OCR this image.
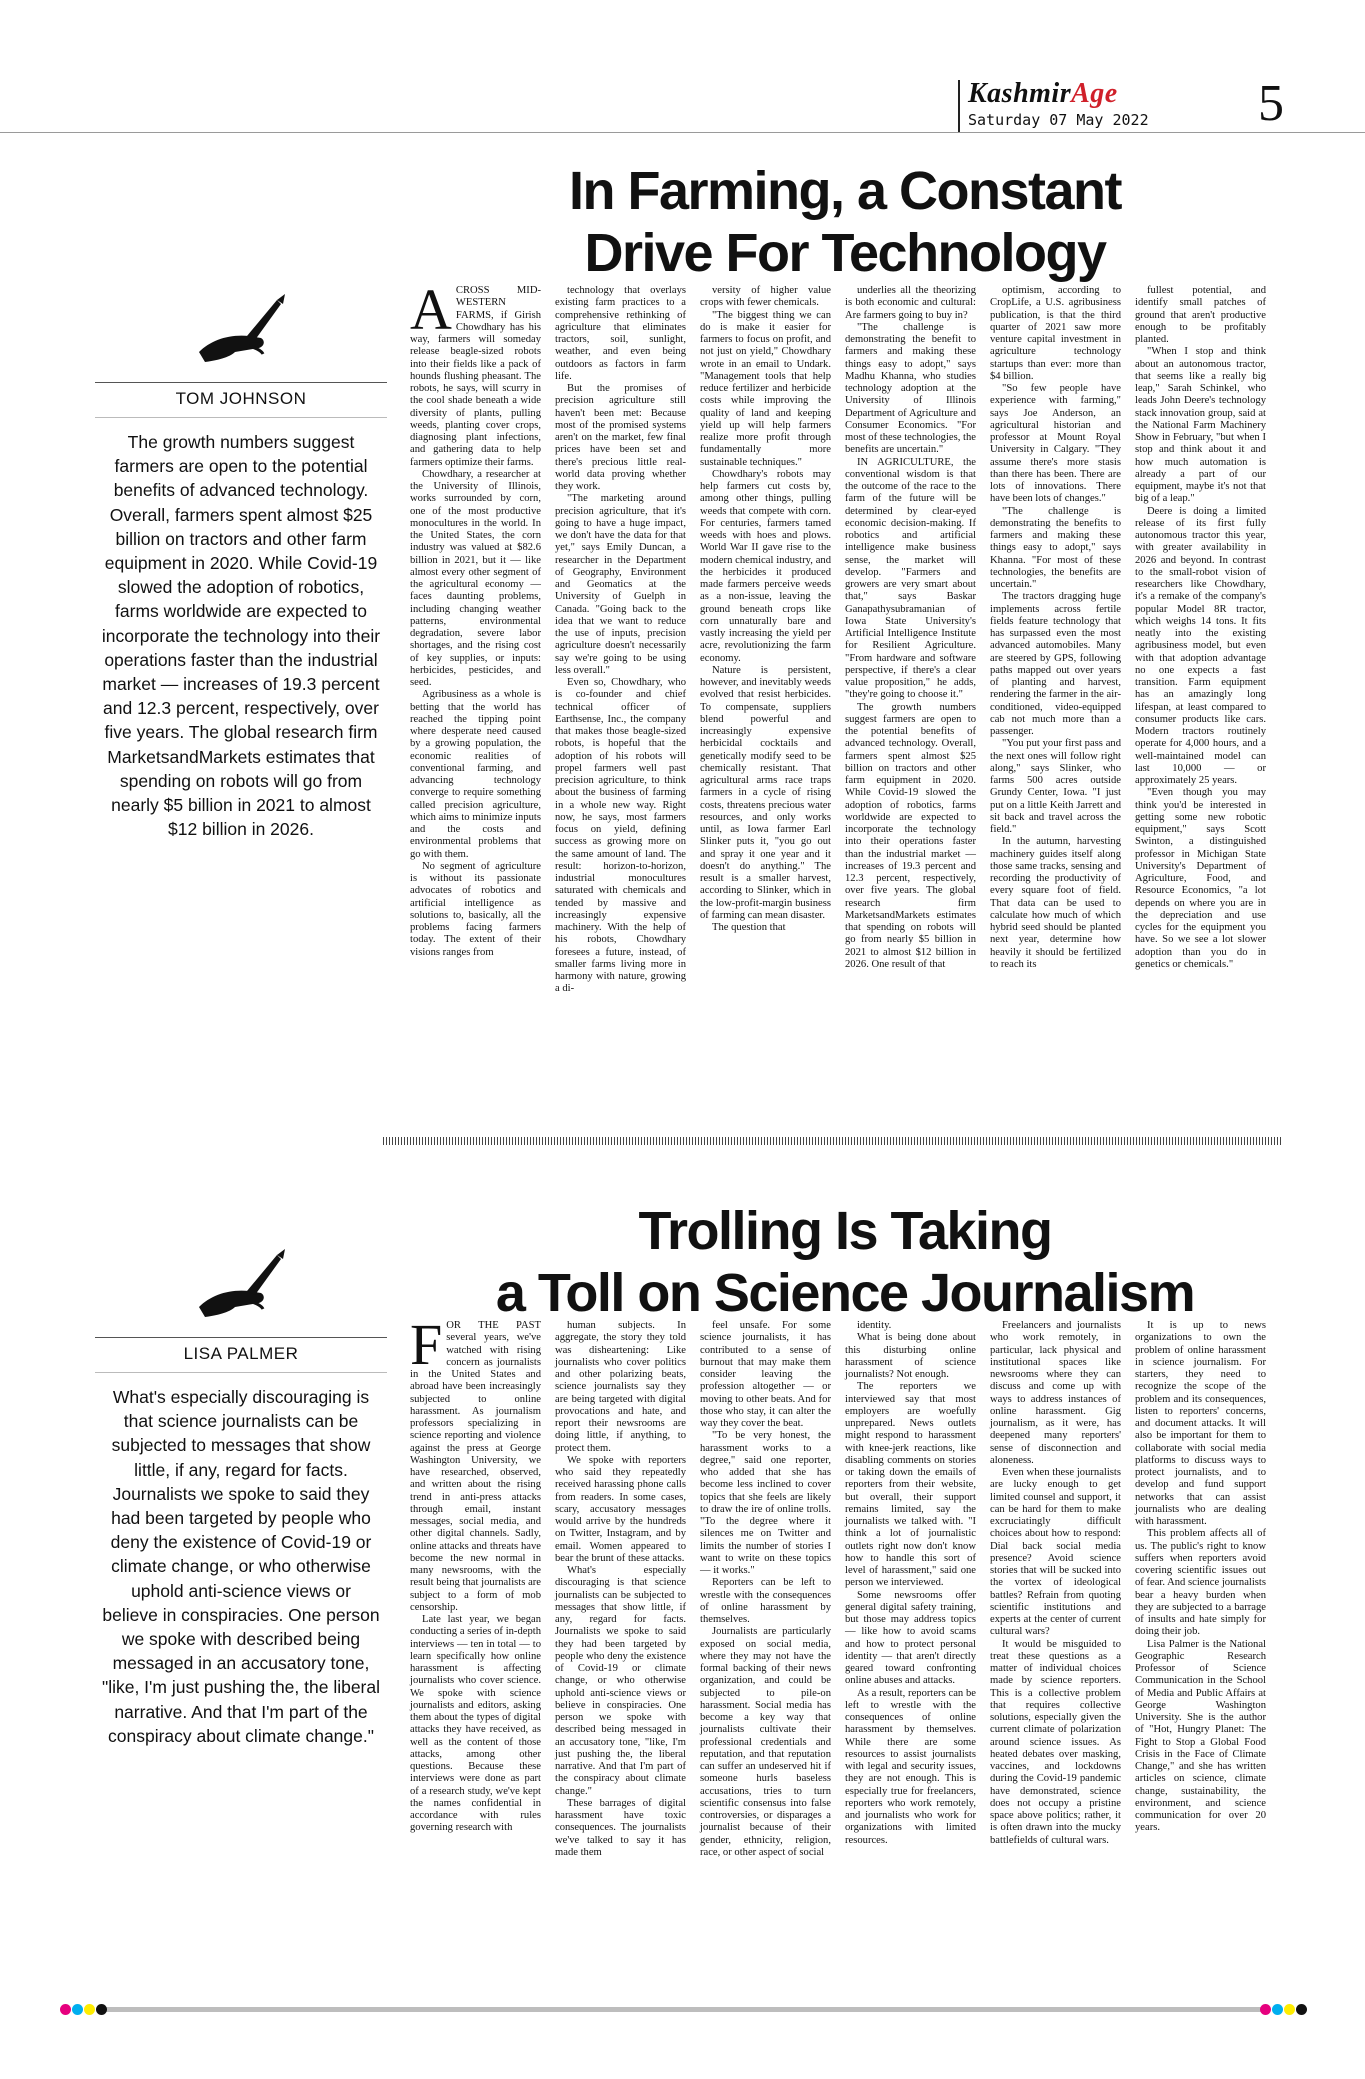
KashmirAge
Saturday 07 May 2022 5
In Farming, a Constant
Drive For Technology
TOM JOHNSON
The growth numbers suggest farmers are open to the potential benefits of advanced technology. Overall, farmers spent almost $25 billion on tractors and other farm equipment in 2020. While Covid-19 slowed the adoption of robotics, farms worldwide are expected to incorporate the technology into their operations faster than the industrial market — increases of 19.3 percent and 12.3 percent, respectively, over five years. The global research firm MarketsandMarkets estimates that spending on robots will go from nearly $5 billion in 2021 to almost $12 billion in 2026.

ACROSS MID-WESTERN FARMS, if Girish Chowdhary has his way, farmers will someday release beagle-sized robots into their fields like a pack of hounds flushing pheasant. The robots, he says, will scurry in the cool shade beneath a wide diversity of plants, pulling weeds, planting cover crops, diagnosing plant infections, and gathering data to help farmers optimize their farms.

Chowdhary, a researcher at the University of Illinois, works surrounded by corn, one of the most productive monocultures in the world. In the United States, the corn industry was valued at $82.6 billion in 2021, but it — like almost every other segment of the agricultural economy — faces daunting problems, including changing weather patterns, environmental degradation, severe labor shortages, and the rising cost of key supplies, or inputs: herbicides, pesticides, and seed.

Agribusiness as a whole is betting that the world has reached the tipping point where desperate need caused by a growing population, the economic realities of conventional farming, and advancing technology converge to require something called precision agriculture, which aims to minimize inputs and the costs and environmental problems that go with them.

No segment of agriculture is without its passionate advocates of robotics and artificial intelligence as solutions to, basically, all the problems facing farmers today. The extent of their visions ranges from

technology that overlays existing farm practices to a comprehensive rethinking of agriculture that eliminates tractors, soil, sunlight, weather, and even being outdoors as factors in farm life.

But the promises of precision agriculture still haven't been met: Because most of the promised systems aren't on the market, few final prices have been set and there's precious little real-world data proving whether they work.

"The marketing around precision agriculture, that it's going to have a huge impact, we don't have the data for that yet," says Emily Duncan, a researcher in the Department of Geography, Environment and Geomatics at the University of Guelph in Canada. "Going back to the idea that we want to reduce the use of inputs, precision agriculture doesn't necessarily say we're going to be using less overall."

Even so, Chowdhary, who is co-founder and chief technical officer of Earthsense, Inc., the company that makes those beagle-sized robots, is hopeful that the adoption of his robots will propel farmers well past precision agriculture, to think about the business of farming in a whole new way. Right now, he says, most farmers focus on yield, defining success as growing more on the same amount of land. The result: horizon-to-horizon, industrial monocultures saturated with chemicals and tended by massive and increasingly expensive machinery. With the help of his robots, Chowdhary foresees a future, instead, of smaller farms living more in harmony with nature, growing a di-

versity of higher value crops with fewer chemicals.

"The biggest thing we can do is make it easier for farmers to focus on profit, and not just on yield," Chowdhary wrote in an email to Undark. "Management tools that help reduce fertilizer and herbicide costs while improving the quality of land and keeping yield up will help farmers realize more profit through fundamentally more sustainable techniques."

Chowdhary's robots may help farmers cut costs by, among other things, pulling weeds that compete with corn. For centuries, farmers tamed weeds with hoes and plows. World War II gave rise to the modern chemical industry, and the herbicides it produced made farmers perceive weeds as a non-issue, leaving the ground beneath crops like corn unnaturally bare and vastly increasing the yield per acre, revolutionizing the farm economy.

Nature is persistent, however, and inevitably weeds evolved that resist herbicides. To compensate, suppliers blend powerful and increasingly expensive herbicidal cocktails and genetically modify seed to be chemically resistant. That agricultural arms race traps farmers in a cycle of rising costs, threatens precious water resources, and only works until, as Iowa farmer Earl Slinker puts it, "you go out and spray it one year and it doesn't do anything." The result is a smaller harvest, according to Slinker, which in the low-profit-margin business of farming can mean disaster.

The question that

underlies all the theorizing is both economic and cultural: Are farmers going to buy in?

"The challenge is demonstrating the benefit to farmers and making these things easy to adopt," says Madhu Khanna, who studies technology adoption at the University of Illinois Department of Agriculture and Consumer Economics. "For most of these technologies, the benefits are uncertain."

IN AGRICULTURE, the conventional wisdom is that the outcome of the race to the farm of the future will be determined by clear-eyed economic decision-making. If robotics and artificial intelligence make business sense, the market will develop. "Farmers and growers are very smart about that," says Baskar Ganapathysubramanian of Iowa State University's Artificial Intelligence Institute for Resilient Agriculture. "From hardware and software perspective, if there's a clear value proposition," he adds, "they're going to choose it."

The growth numbers suggest farmers are open to the potential benefits of advanced technology. Overall, farmers spent almost $25 billion on tractors and other farm equipment in 2020. While Covid-19 slowed the adoption of robotics, farms worldwide are expected to incorporate the technology into their operations faster than the industrial market — increases of 19.3 percent and 12.3 percent, respectively, over five years. The global research firm MarketsandMarkets estimates that spending on robots will go from nearly $5 billion in 2021 to almost $12 billion in 2026. One result of that

optimism, according to CropLife, a U.S. agribusiness publication, is that the third quarter of 2021 saw more venture capital investment in agriculture technology startups than ever: more than $4 billion.

"So few people have experience with farming," says Joe Anderson, an agricultural historian and professor at Mount Royal University in Calgary. "They assume there's more stasis than there has been. There are lots of innovations. There have been lots of changes."

"The challenge is demonstrating the benefits to farmers and making these things easy to adopt," says Khanna. "For most of these technologies, the benefits are uncertain."

The tractors dragging huge implements across fertile fields feature technology that has surpassed even the most advanced automobiles. Many are steered by GPS, following paths mapped out over years of planting and harvest, rendering the farmer in the air-conditioned, video-equipped cab not much more than a passenger.

"You put your first pass and the next ones will follow right along," says Slinker, who farms 500 acres outside Grundy Center, Iowa. "I just put on a little Keith Jarrett and sit back and travel across the field."

In the autumn, harvesting machinery guides itself along those same tracks, sensing and recording the productivity of every square foot of field. That data can be used to calculate how much of which hybrid seed should be planted next year, determine how heavily it should be fertilized to reach its

fullest potential, and identify small patches of ground that aren't productive enough to be profitably planted.

"When I stop and think about an autonomous tractor, that seems like a really big leap," Sarah Schinkel, who leads John Deere's technology stack innovation group, said at the National Farm Machinery Show in February, "but when I stop and think about it and how much automation is already a part of our equipment, maybe it's not that big of a leap."

Deere is doing a limited release of its first fully autonomous tractor this year, with greater availability in 2026 and beyond. In contrast to the small-robot vision of researchers like Chowdhary, it's a remake of the company's popular Model 8R tractor, which weighs 14 tons. It fits neatly into the existing agribusiness model, but even with that adoption advantage no one expects a fast transition. Farm equipment has an amazingly long lifespan, at least compared to consumer products like cars. Modern tractors routinely operate for 4,000 hours, and a well-maintained model can last 10,000 — or approximately 25 years.

"Even though you may think you'd be interested in getting some new robotic equipment," says Scott Swinton, a distinguished professor in Michigan State University's Department of Agriculture, Food, and Resource Economics, "a lot depends on where you are in the depreciation and use cycles for the equipment you have. So we see a lot slower adoption than you do in genetics or chemicals."

Trolling Is Taking
a Toll on Science Journalism
LISA PALMER
What's especially discouraging is that science journalists can be subjected to messages that show little, if any, regard for facts. Journalists we spoke to said they had been targeted by people who deny the existence of Covid-19 or climate change, or who otherwise uphold anti-science views or believe in conspiracies. One person we spoke with described being messaged in an accusatory tone, "like, I'm just pushing the, the liberal narrative. And that I'm part of the conspiracy about climate change."

FOR THE PAST several years, we've watched with rising concern as journalists in the United States and abroad have been increasingly subjected to online harassment. As journalism professors specializing in science reporting and violence against the press at George Washington University, we have researched, observed, and written about the rising trend in anti-press attacks through email, instant messages, social media, and other digital channels. Sadly, online attacks and threats have become the new normal in many newsrooms, with the result being that journalists are subject to a form of mob censorship.

Late last year, we began conducting a series of in-depth interviews — ten in total — to learn specifically how online harassment is affecting journalists who cover science. We spoke with science journalists and editors, asking them about the types of digital attacks they have received, as well as the content of those attacks, among other questions. Because these interviews were done as part of a research study, we've kept the names confidential in accordance with rules governing research with

human subjects. In aggregate, the story they told was disheartening: Like journalists who cover politics and other polarizing beats, science journalists say they are being targeted with digital provocations and hate, and report their newsrooms are doing little, if anything, to protect them.

We spoke with reporters who said they repeatedly received harassing phone calls from readers. In some cases, scary, accusatory messages would arrive by the hundreds on Twitter, Instagram, and by email. Women appeared to bear the brunt of these attacks.

What's especially discouraging is that science journalists can be subjected to messages that show little, if any, regard for facts. Journalists we spoke to said they had been targeted by people who deny the existence of Covid-19 or climate change, or who otherwise uphold anti-science views or believe in conspiracies. One person we spoke with described being messaged in an accusatory tone, "like, I'm just pushing the, the liberal narrative. And that I'm part of the conspiracy about climate change."

These barrages of digital harassment have toxic consequences. The journalists we've talked to say it has made them

feel unsafe. For some science journalists, it has contributed to a sense of burnout that may make them consider leaving the profession altogether — or moving to other beats. And for those who stay, it can alter the way they cover the beat.

"To be very honest, the harassment works to a degree," said one reporter, who added that she has become less inclined to cover topics that she feels are likely to draw the ire of online trolls. "To the degree where it silences me on Twitter and limits the number of stories I want to write on these topics — it works."

Reporters can be left to wrestle with the consequences of online harassment by themselves.

Journalists are particularly exposed on social media, where they may not have the formal backing of their news organization, and could be subjected to pile-on harassment. Social media has become a key way that journalists cultivate their professional credentials and reputation, and that reputation can suffer an undeserved hit if someone hurls baseless accusations, tries to turn scientific consensus into false controversies, or disparages a journalist because of their gender, ethnicity, religion, race, or other aspect of social

identity.

What is being done about this disturbing online harassment of science journalists? Not enough.

The reporters we interviewed say that most employers are woefully unprepared. News outlets might respond to harassment with knee-jerk reactions, like disabling comments on stories or taking down the emails of reporters from their website, but overall, their support remains limited, say the journalists we talked with. "I think a lot of journalistic outlets right now don't know how to handle this sort of level of harassment," said one person we interviewed.

Some newsrooms offer general digital safety training, but those may address topics — like how to avoid scams and how to protect personal identity — that aren't directly geared toward confronting online abuses and attacks.

As a result, reporters can be left to wrestle with the consequences of online harassment by themselves. While there are some resources to assist journalists with legal and security issues, they are not enough. This is especially true for freelancers, reporters who work remotely, and journalists who work for organizations with limited resources.

Freelancers and journalists who work remotely, in particular, lack physical and institutional spaces like newsrooms where they can discuss and come up with ways to address instances of online harassment. Gig journalism, as it were, has deepened many reporters' sense of disconnection and aloneness.

Even when these journalists are lucky enough to get limited counsel and support, it can be hard for them to make excruciatingly difficult choices about how to respond: Dial back social media presence? Avoid science stories that will be sucked into the vortex of ideological battles? Refrain from quoting scientific institutions and experts at the center of current cultural wars?

It would be misguided to treat these questions as a matter of individual choices made by science reporters. This is a collective problem that requires collective solutions, especially given the current climate of polarization around science issues. As heated debates over masking, vaccines, and lockdowns during the Covid-19 pandemic have demonstrated, science does not occupy a pristine space above politics; rather, it is often drawn into the mucky battlefields of cultural wars.

It is up to news organizations to own the problem of online harassment in science journalism. For starters, they need to recognize the scope of the problem and its consequences, listen to reporters' concerns, and document attacks. It will also be important for them to collaborate with social media platforms to discuss ways to protect journalists, and to develop and fund support networks that can assist journalists who are dealing with harassment.

This problem affects all of us. The public's right to know suffers when reporters avoid covering scientific issues out of fear. And science journalists bear a heavy burden when they are subjected to a barrage of insults and hate simply for doing their job.

Lisa Palmer is the National Geographic Research Professor of Science Communication in the School of Media and Public Affairs at George Washington University. She is the author of "Hot, Hungry Planet: The Fight to Stop a Global Food Crisis in the Face of Climate Change," and she has written articles on science, climate change, sustainability, the environment, and science communication for over 20 years.
